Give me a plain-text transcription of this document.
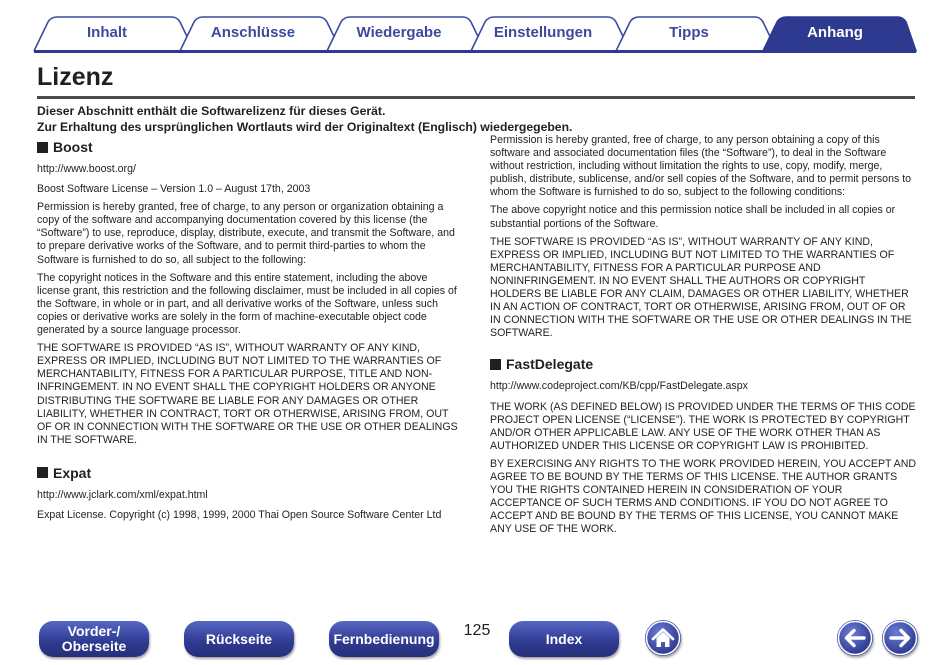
Inhalt	Anschlüsse	Wiedergabe	Einstellungen	Tipps	Anhang
Lizenz

Dieser Abschnitt enthält die Softwarelizenz für dieses Gerät.

Zur Erhaltung des ursprünglichen Wortlauts wird der Originaltext (Englisch) wiedergegeben.

Boost

http://www.boost.org/

Boost Software License – Version 1.0 – August 17th, 2003

Permission is hereby granted, free of charge, to any person or organization obtaining a copy of the software and accompanying documentation covered by this license (the “Software”) to use, reproduce, display, distribute, execute, and transmit the Software, and to prepare derivative works of the Software, and to permit third-parties to whom the Software is furnished to do so, all subject to the following:

The copyright notices in the Software and this entire statement, including the above license grant, this restriction and the following disclaimer, must be included in all copies of the Software, in whole or in part, and all derivative works of the Software, unless such copies or derivative works are solely in the form of machine-executable object code generated by a source language processor.

THE SOFTWARE IS PROVIDED “AS IS”, WITHOUT WARRANTY OF ANY KIND, EXPRESS OR IMPLIED, INCLUDING BUT NOT LIMITED TO THE WARRANTIES OF MERCHANTABILITY, FITNESS FOR A PARTICULAR PURPOSE, TITLE AND NON-INFRINGEMENT. IN NO EVENT SHALL THE COPYRIGHT HOLDERS OR ANYONE DISTRIBUTING THE SOFTWARE BE LIABLE FOR ANY DAMAGES OR OTHER LIABILITY, WHETHER IN CONTRACT, TORT OR OTHERWISE, ARISING FROM, OUT OF OR IN CONNECTION WITH THE SOFTWARE OR THE USE OR OTHER DEALINGS IN THE SOFTWARE.

Expat

http://www.jclark.com/xml/expat.html

Expat License. Copyright (c) 1998, 1999, 2000 Thai Open Source Software Center Ltd

Permission is hereby granted, free of charge, to any person obtaining a copy of this software and associated documentation files (the “Software”), to deal in the Software without restriction, including without limitation the rights to use, copy, modify, merge, publish, distribute, sublicense, and/or sell copies of the Software, and to permit persons to whom the Software is furnished to do so, subject to the following conditions:

The above copyright notice and this permission notice shall be included in all copies or substantial portions of the Software.

THE SOFTWARE IS PROVIDED “AS IS”, WITHOUT WARRANTY OF ANY KIND, EXPRESS OR IMPLIED, INCLUDING BUT NOT LIMITED TO THE WARRANTIES OF MERCHANTABILITY, FITNESS FOR A PARTICULAR PURPOSE AND NONINFRINGEMENT. IN NO EVENT SHALL THE AUTHORS OR COPYRIGHT HOLDERS BE LIABLE FOR ANY CLAIM, DAMAGES OR OTHER LIABILITY, WHETHER IN AN ACTION OF CONTRACT, TORT OR OTHERWISE, ARISING FROM, OUT OF OR IN CONNECTION WITH THE SOFTWARE OR THE USE OR OTHER DEALINGS IN THE SOFTWARE.

FastDelegate

http://www.codeproject.com/KB/cpp/FastDelegate.aspx

THE WORK (AS DEFINED BELOW) IS PROVIDED UNDER THE TERMS OF THIS CODE PROJECT OPEN LICENSE (“LICENSE”). THE WORK IS PROTECTED BY COPYRIGHT AND/OR OTHER APPLICABLE LAW. ANY USE OF THE WORK OTHER THAN AS AUTHORIZED UNDER THIS LICENSE OR COPYRIGHT LAW IS PROHIBITED.

BY EXERCISING ANY RIGHTS TO THE WORK PROVIDED HEREIN, YOU ACCEPT AND AGREE TO BE BOUND BY THE TERMS OF THIS LICENSE. THE AUTHOR GRANTS YOU THE RIGHTS CONTAINED HEREIN IN CONSIDERATION OF YOUR ACCEPTANCE OF SUCH TERMS AND CONDITIONS. IF YOU DO NOT AGREE TO ACCEPT AND BE BOUND BY THE TERMS OF THIS LICENSE, YOU CANNOT MAKE ANY USE OF THE WORK.

Vorder-/
Oberseite	Rückseite	Fernbedienung	125	Index
